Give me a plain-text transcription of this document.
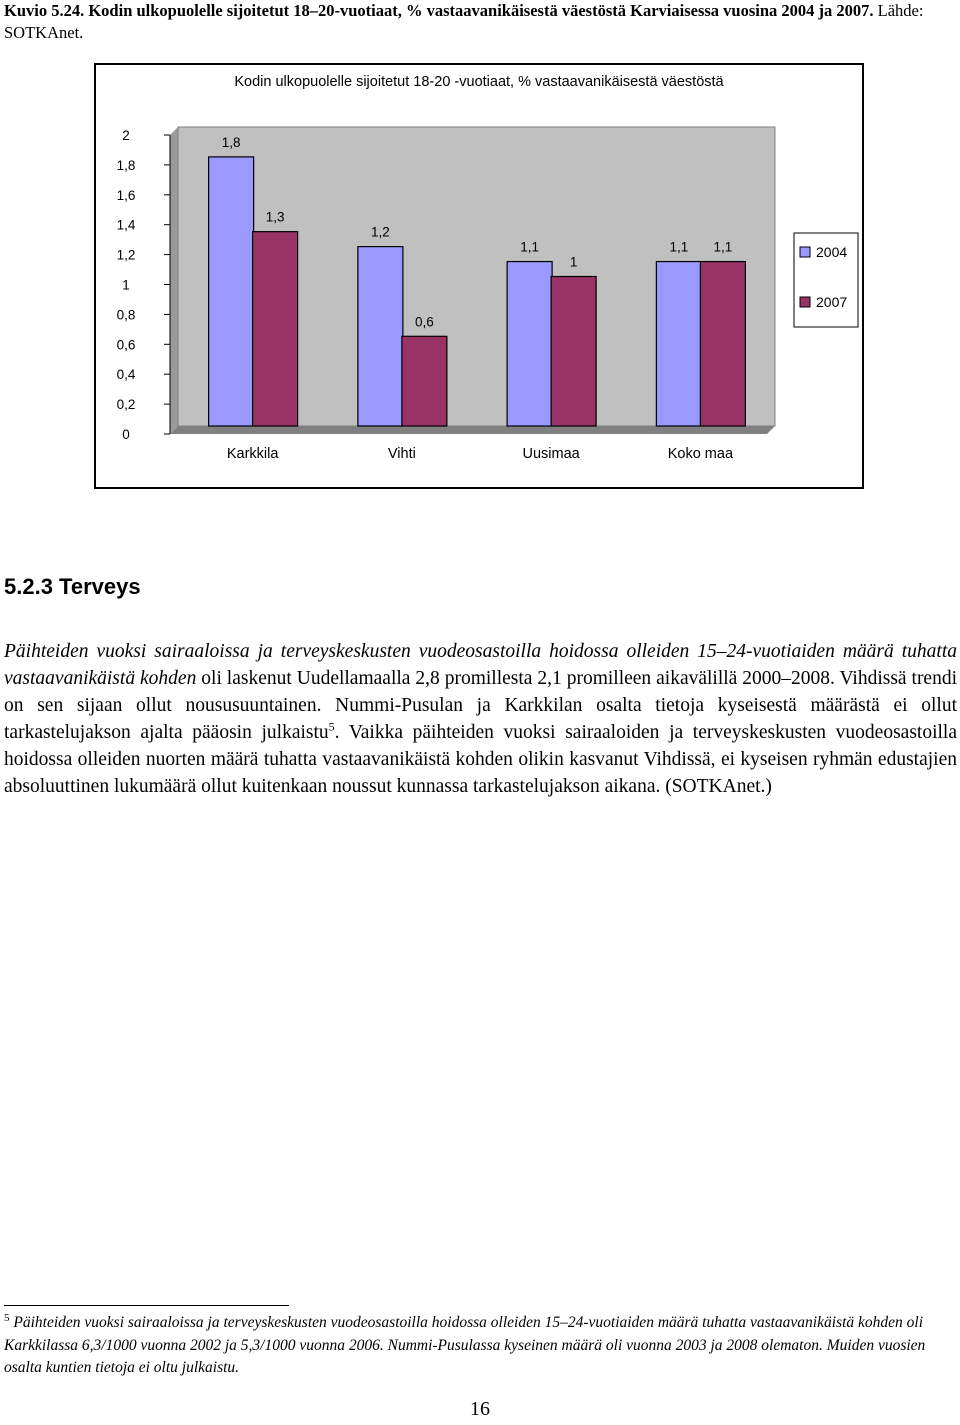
Kuvio 5.24. Kodin ulkopuolelle sijoitetut 18–20-vuotiaat, % vastaavanikäisestä väestöstä Karviaisessa vuosina 2004 ja 2007. Lähde: SOTKAnet.
Kodin ulkopuolelle sijoitetut 18-20 -vuotiaat, % vastaavanikäisestä väestöstä
0
0,2
0,4
0,6
0,8
1
1,2
1,4
1,6
1,8
2	1,8
1,3
Karkkila
1,2
0,6
Vihti
1,1
1
Uusimaa
1,1 1,1
Koko maa
2004
2007
5.2.3 Terveys

Päihteiden vuoksi sairaaloissa ja terveyskeskusten vuodeosastoilla hoidossa olleiden 15–24-vuotiaiden määrä tuhatta vastaavanikäistä kohden oli laskenut Uudellamaalla 2,8 promillesta 2,1 promilleen aikavälillä 2000–2008. Vihdissä trendi on sen sijaan ollut noususuuntainen. Nummi-Pusulan ja Karkkilan osalta tietoja kyseisestä määrästä ei ollut tarkastelujakson ajalta pääosin julkaistu$^5$. Vaikka päihteiden vuoksi sairaaloiden ja terveyskeskusten vuodeosastoilla hoidossa olleiden nuorten määrä tuhatta vastaavanikäistä kohden olikin kasvanut Vihdissä, ei kyseisen ryhmän edustajien absoluuttinen lukumäärä ollut kuitenkaan noussut kunnassa tarkastelujakson aikana. (SOTKAnet.)

$^5$ Päihteiden vuoksi sairaaloissa ja terveyskeskusten vuodeosastoilla hoidossa olleiden 15–24-vuotiaiden määrä tuhatta vastaavanikäistä kohden oli Karkkilassa 6,3/1000 vuonna 2002 ja 5,3/1000 vuonna 2006. Nummi-Pusulassa kyseinen määrä oli vuonna 2003 ja 2008 olematon. Muiden vuosien osalta kuntien tietoja ei oltu julkaistu.
16
